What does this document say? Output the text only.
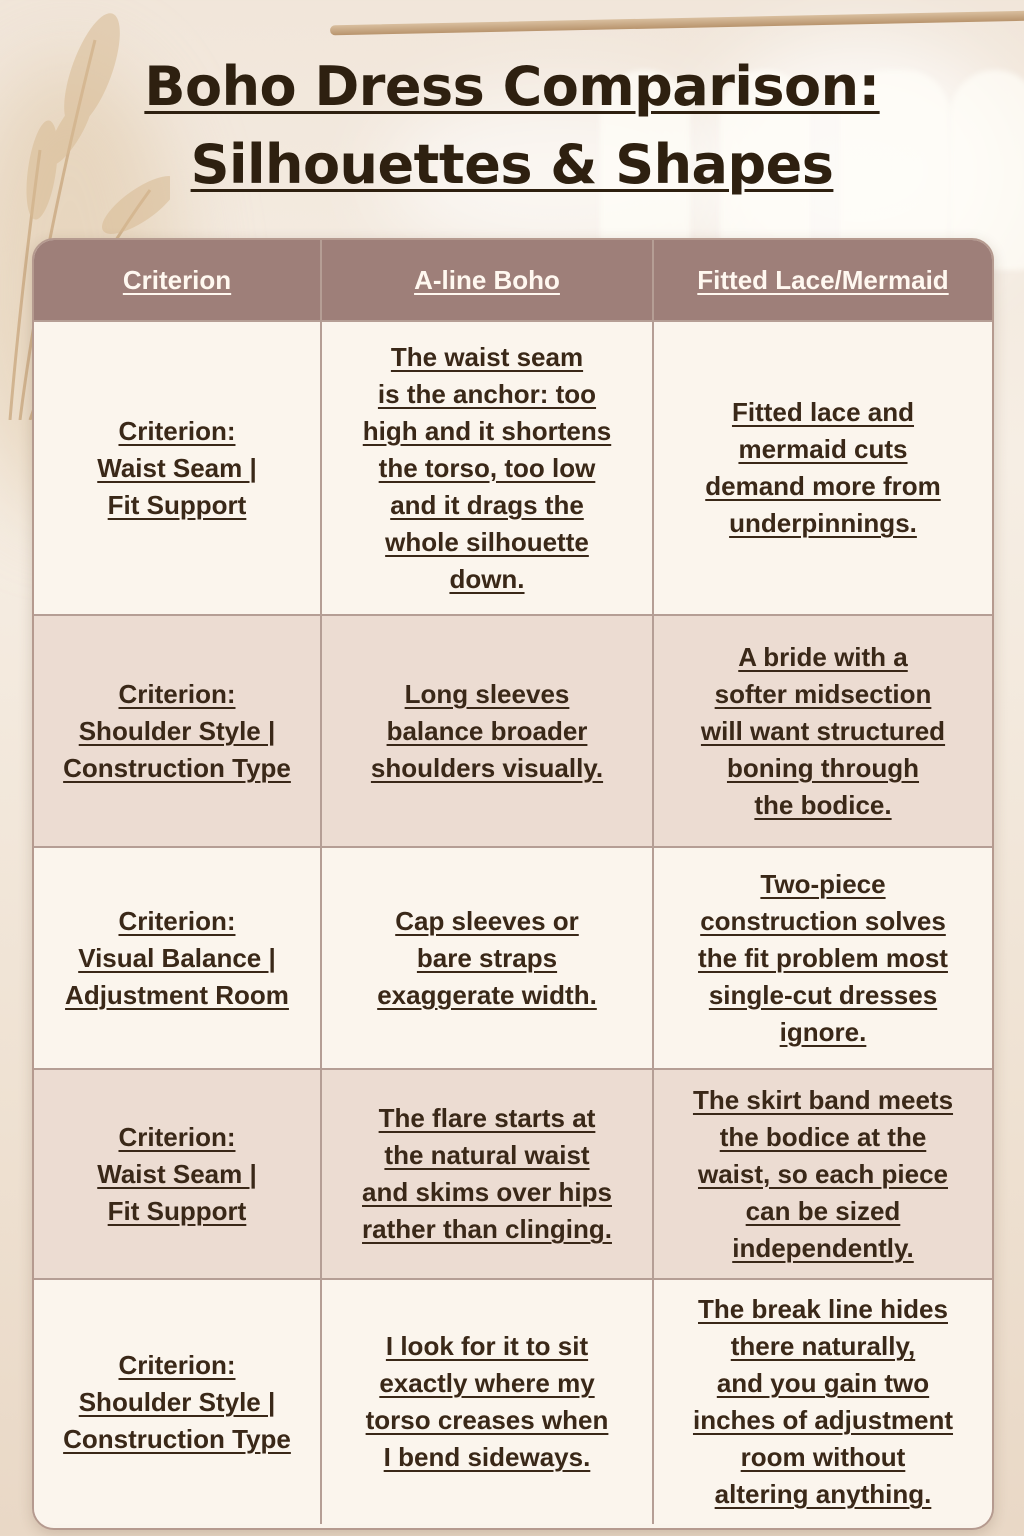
Boho Dress Comparison:
Silhouettes & Shapes
Criterion	A-line Boho	Fitted Lace/Mermaid
Criterion:
Waist Seam |
Fit Support
The waist seam
is the anchor: too
high and it shortens
the torso, too low
and it drags the
whole silhouette
down.
Fitted lace and
mermaid cuts
demand more from
underpinnings.
Criterion:
Shoulder Style |
Construction Type
Long sleeves
balance broader
shoulders visually.
A bride with a
softer midsection
will want structured
boning through
the bodice.
Criterion:
Visual Balance |
Adjustment Room
Cap sleeves or
bare straps
exaggerate width.
Two-piece
construction solves
the fit problem most
single-cut dresses
ignore.
Criterion:
Waist Seam |
Fit Support
The flare starts at
the natural waist
and skims over hips
rather than clinging.
The skirt band meets
the bodice at the
waist, so each piece
can be sized
independently.
Criterion:
Shoulder Style |
Construction Type
I look for it to sit
exactly where my
torso creases when
I bend sideways.
The break line hides
there naturally,
and you gain two
inches of adjustment
room without
altering anything.
